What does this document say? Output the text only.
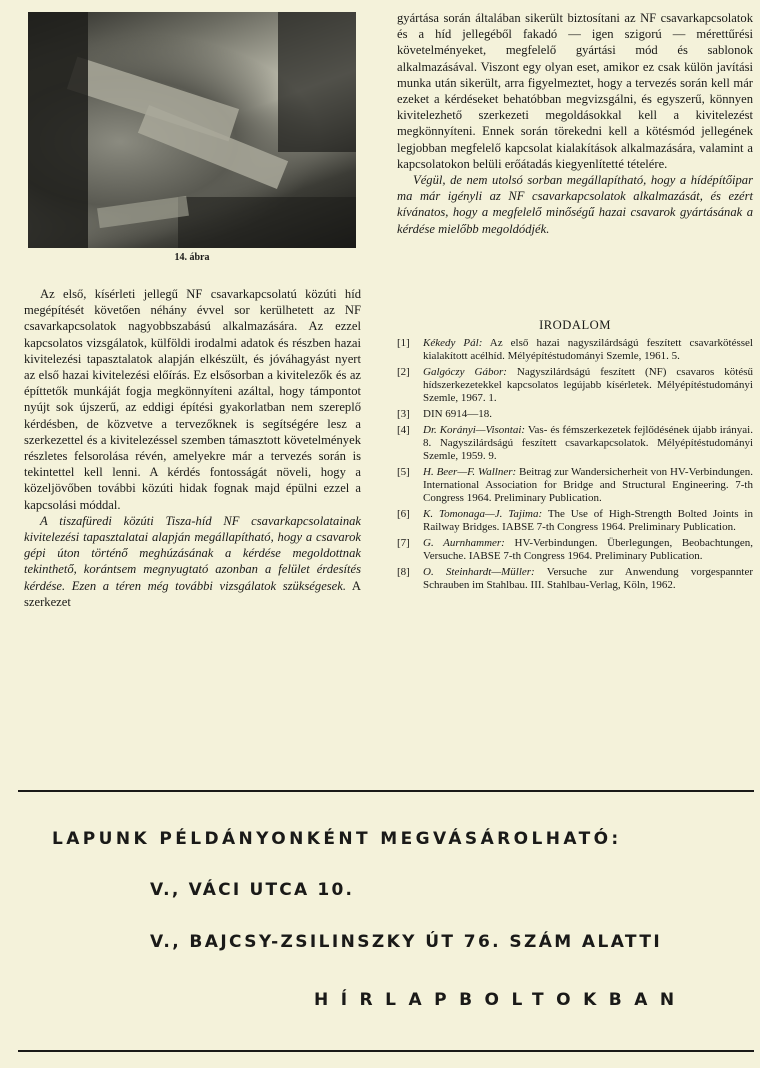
14. ábra

Az első, kísérleti jellegű NF csavarkapcsolatú közúti híd megépítését követően néhány évvel sor kerülhetett az NF csavarkapcsolatok nagyobbszabású alkalmazására. Az ezzel kapcsolatos vizsgálatok, külföldi irodalmi adatok és részben hazai kivitelezési tapasztalatok alapján elkészült, és jóváhagyást nyert az első hazai kivitelezési előírás. Ez elsősorban a kivitelezők és az építtetők munkáját fogja megkönnyíteni azáltal, hogy támpontot nyújt sok újszerű, az eddigi építési gyakorlatban nem szereplő kérdésben, de közvetve a tervezőknek is segítségére lesz a szerkezettel és a kivitelezéssel szemben támasztott követelmények részletes felsorolása révén, amelyekre már a tervezés során is tekintettel kell lenni. A kérdés fontosságát növeli, hogy a közeljövőben további közúti hidak fognak majd épülni ezzel a kapcsolási móddal.

A tiszafüredi közúti Tisza-híd NF csavarkapcsolatainak kivitelezési tapasztalatai alapján megállapítható, hogy a csavarok gépi úton történő meghúzásának a kérdése megoldottnak tekinthető, korántsem megnyugtató azonban a felület érdesítés kérdése. Ezen a téren még további vizsgálatok szükségesek. A szerkezet

gyártása során általában sikerült biztosítani az NF csavarkapcsolatok és a híd jellegéből fakadó — igen szigorú — mérettűrési követelményeket, megfelelő gyártási mód és sablonok alkalmazásával. Viszont egy olyan eset, amikor ez csak külön javítási munka után sikerült, arra figyelmeztet, hogy a tervezés során kell már ezeket a kérdéseket behatóbban megvizsgálni, és egyszerű, könnyen kivitelezhető szerkezeti megoldásokkal kell a kivitelezést megkönnyíteni. Ennek során törekedni kell a kötésmód jellegének legjobban megfelelő kapcsolat kialakítások alkalmazására, valamint a kapcsolatokon belüli erőátadás kiegyenlítetté tételére.

Végül, de nem utolsó sorban megállapítható, hogy a hídépítőipar ma már igényli az NF csavarkapcsolatok alkalmazását, és ezért kívánatos, hogy a megfelelő minőségű hazai csavarok gyártásának a kérdése mielőbb megoldódjék.

IRODALOM
[1]	Kékedy Pál: Az első hazai nagyszilárdságú feszített csavarkötéssel kialakított acélhíd. Mélyépítéstudományi Szemle, 1961. 5.
[2]	Galgóczy Gábor: Nagyszilárdságú feszített (NF) csavaros kötésű hídszerkezetekkel kapcsolatos legújabb kísérletek. Mélyépítéstudományi Szemle, 1967. 1.
[3]	DIN 6914—18.
[4]	Dr. Korányi—Visontai: Vas- és fémszerkezetek fejlődésének újabb irányai. 8. Nagyszilárdságú feszített csavarkapcsolatok. Mélyépítéstudományi Szemle, 1959. 9.
[5]	H. Beer—F. Wallner: Beitrag zur Wandersicherheit von HV-Verbindungen. International Association for Bridge and Structural Engineering. 7-th Congress 1964. Preliminary Publication.
[6]	K. Tomonaga—J. Tajima: The Use of High-Strength Bolted Joints in Railway Bridges. IABSE 7-th Congress 1964. Preliminary Publication.
[7]	G. Aurnhammer: HV-Verbindungen. Überlegungen, Beobachtungen, Versuche. IABSE 7-th Congress 1964. Preliminary Publication.
[8]	O. Steinhardt—Müller: Versuche zur Anwendung vorgespannter Schrauben im Stahlbau. III. Stahlbau-Verlag, Köln, 1962.
LAPUNK PÉLDÁNYONKÉNT MEGVÁSÁROLHATÓ:
V., VÁCI UTCA 10.
V., BAJCSY-ZSILINSZKY ÚT 76. SZÁM ALATTI
HÍRLAPBOLTOKBAN
